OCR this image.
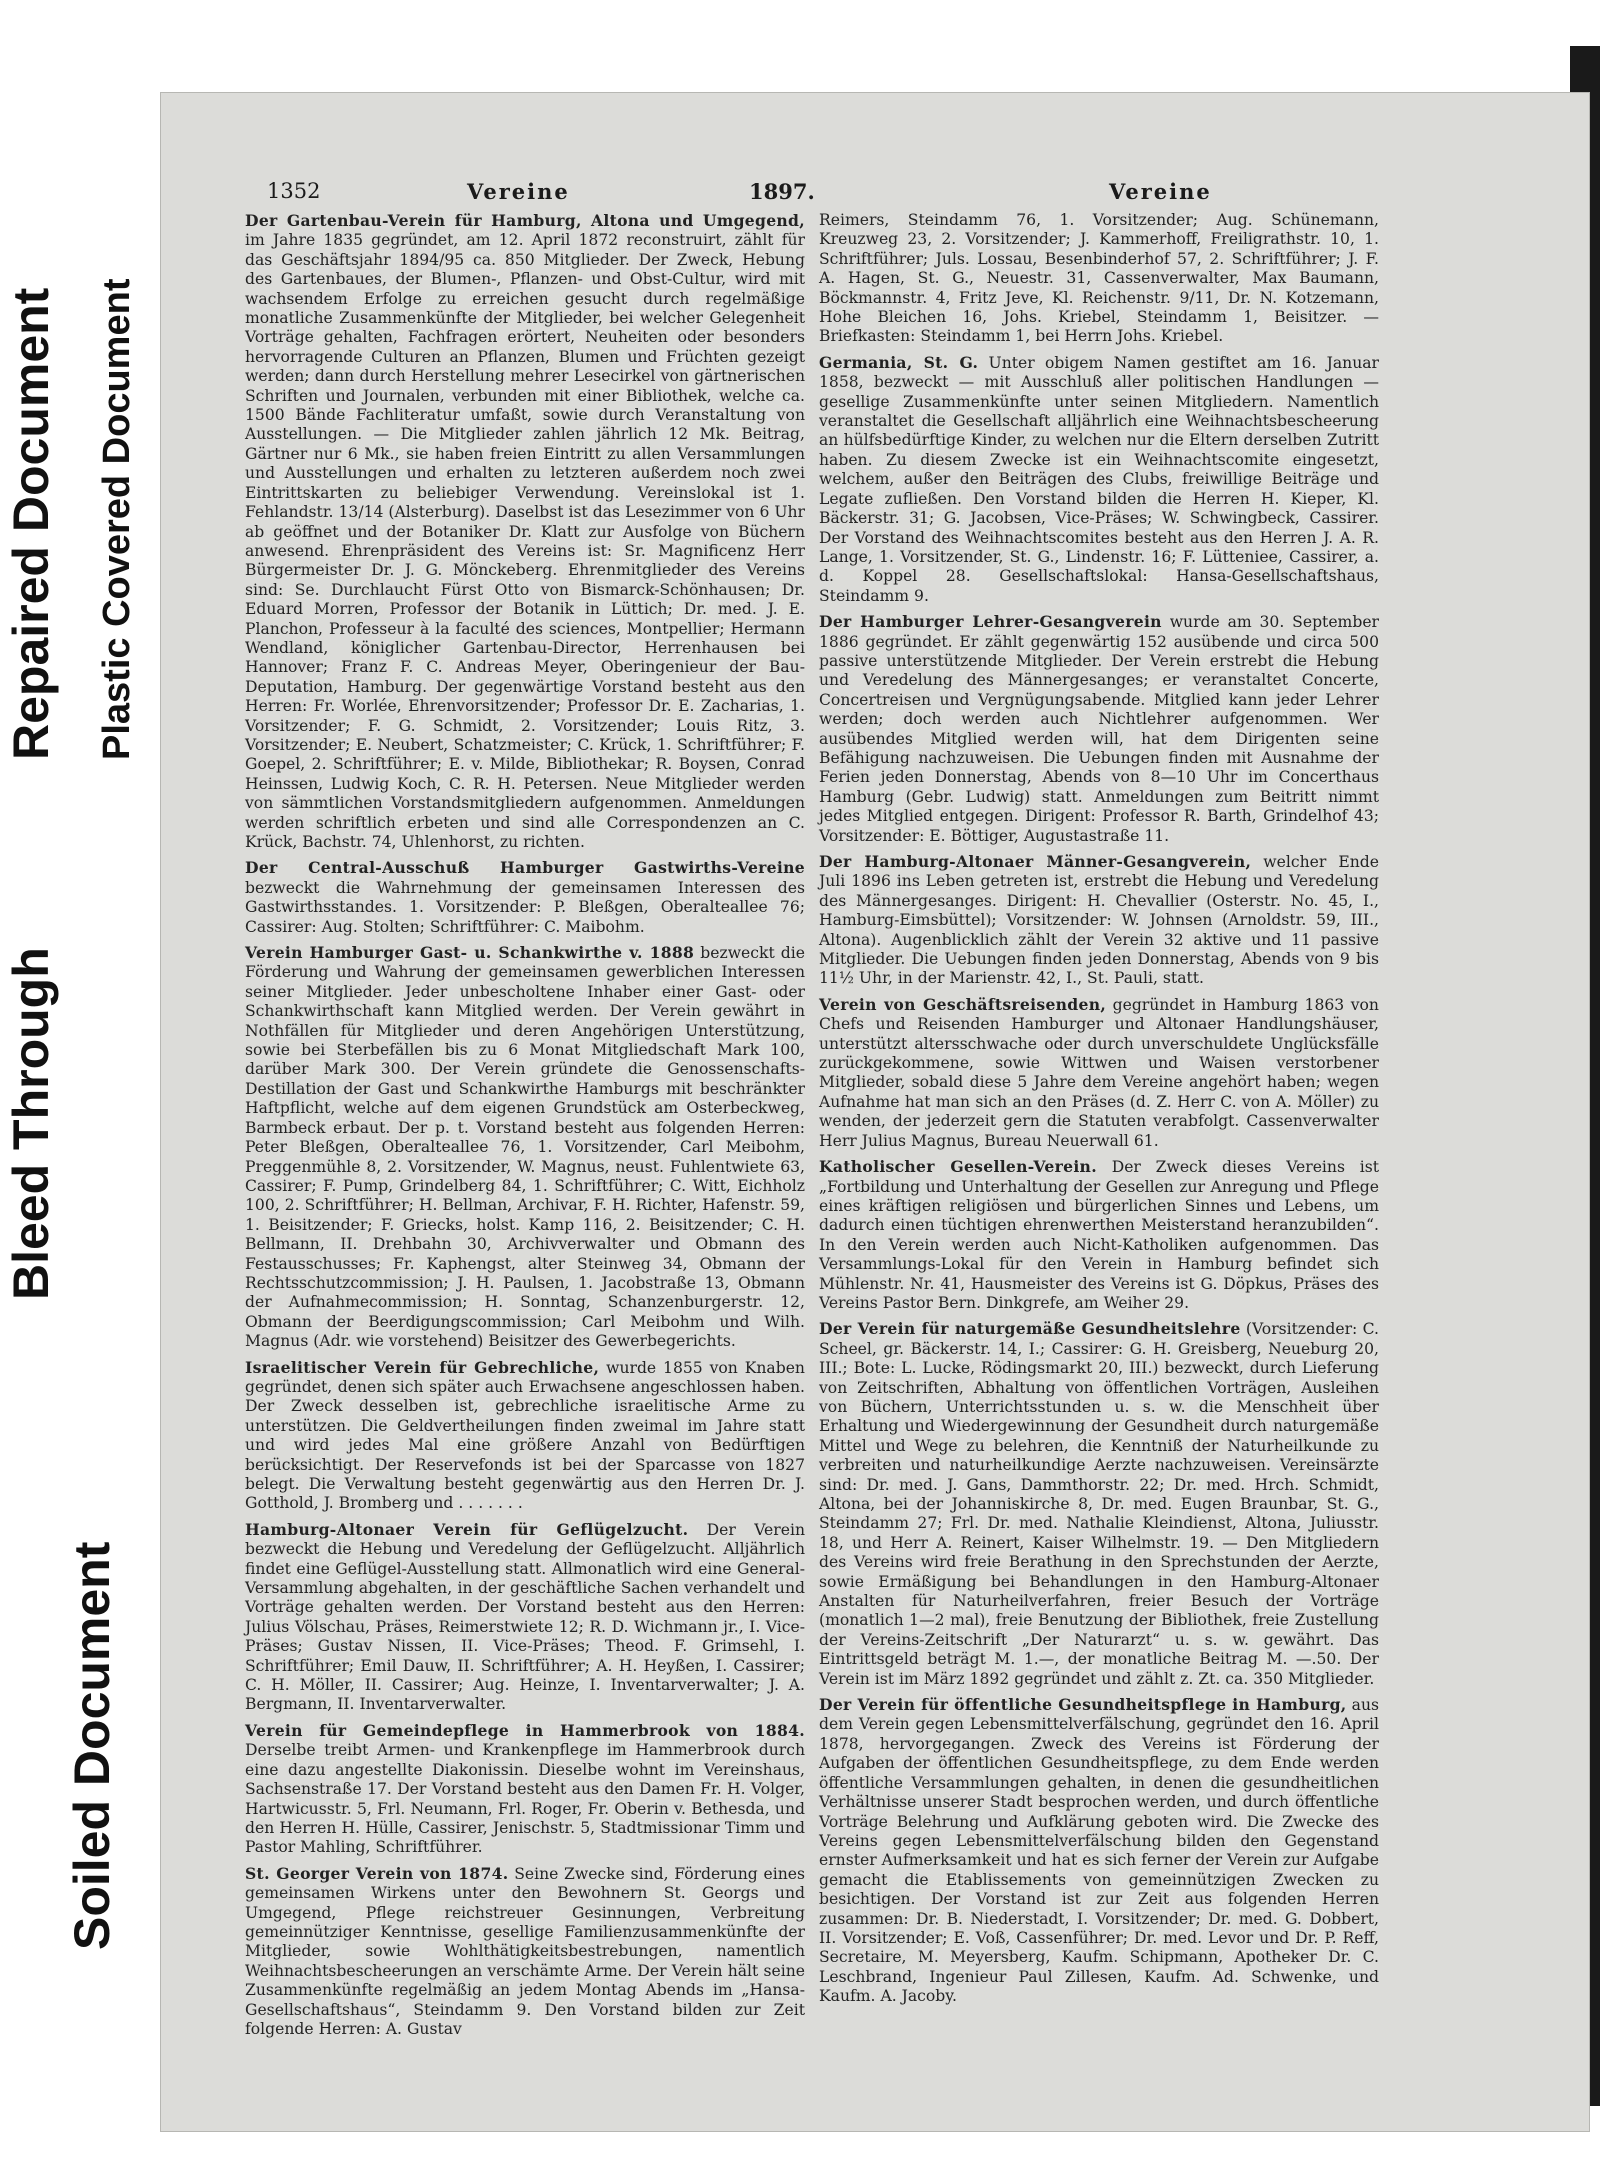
Repaired Document Plastic Covered Document
Bleed Through
Soiled Document
1352	Vereine	1897.	Vereine

Der Gartenbau-Verein für Hamburg, Altona und Umgegend, im Jahre 1835 gegründet, am 12. April 1872 reconstruirt, zählt für das Geschäftsjahr 1894/95 ca. 850 Mitglieder. Der Zweck, Hebung des Gartenbaues, der Blumen-, Pflanzen- und Obst-Cultur, wird mit wachsendem Erfolge zu erreichen gesucht durch regelmäßige monatliche Zusammenkünfte der Mitglieder, bei welcher Gelegenheit Vorträge gehalten, Fachfragen erörtert, Neuheiten oder besonders hervorragende Culturen an Pflanzen, Blumen und Früchten gezeigt werden; dann durch Herstellung mehrer Lesecirkel von gärtnerischen Schriften und Journalen, verbunden mit einer Bibliothek, welche ca. 1500 Bände Fachliteratur umfaßt, sowie durch Veranstaltung von Ausstellungen. — Die Mitglieder zahlen jährlich 12 Mk. Beitrag, Gärtner nur 6 Mk., sie haben freien Eintritt zu allen Versammlungen und Ausstellungen und erhalten zu letzteren außerdem noch zwei Eintrittskarten zu beliebiger Verwendung. Vereinslokal ist 1. Fehlandstr. 13/14 (Alsterburg). Daselbst ist das Lesezimmer von 6 Uhr ab geöffnet und der Botaniker Dr. Klatt zur Ausfolge von Büchern anwesend. Ehrenpräsident des Vereins ist: Sr. Magnificenz Herr Bürgermeister Dr. J. G. Mönckeberg. Ehrenmitglieder des Vereins sind: Se. Durchlaucht Fürst Otto von Bismarck-Schönhausen; Dr. Eduard Morren, Professor der Botanik in Lüttich; Dr. med. J. E. Planchon, Professeur à la faculté des sciences, Montpellier; Hermann Wendland, königlicher Gartenbau-Director, Herrenhausen bei Hannover; Franz F. C. Andreas Meyer, Oberingenieur der Bau-Deputation, Hamburg. Der gegenwärtige Vorstand besteht aus den Herren: Fr. Worlée, Ehrenvorsitzender; Professor Dr. E. Zacharias, 1. Vorsitzender; F. G. Schmidt, 2. Vorsitzender; Louis Ritz, 3. Vorsitzender; E. Neubert, Schatzmeister; C. Krück, 1. Schriftführer; F. Goepel, 2. Schriftführer; E. v. Milde, Bibliothekar; R. Boysen, Conrad Heinssen, Ludwig Koch, C. R. H. Petersen. Neue Mitglieder werden von sämmtlichen Vorstandsmitgliedern aufgenommen. Anmeldungen werden schriftlich erbeten und sind alle Correspondenzen an C. Krück, Bachstr. 74, Uhlenhorst, zu richten.

Der Central-Ausschuß Hamburger Gastwirths-Vereine bezweckt die Wahrnehmung der gemeinsamen Interessen des Gastwirthsstandes. 1. Vorsitzender: P. Bleßgen, Oberalteallee 76; Cassirer: Aug. Stolten; Schriftführer: C. Maibohm.

Verein Hamburger Gast- u. Schankwirthe v. 1888 bezweckt die Förderung und Wahrung der gemeinsamen gewerblichen Interessen seiner Mitglieder. Jeder unbescholtene Inhaber einer Gast- oder Schankwirthschaft kann Mitglied werden. Der Verein gewährt in Nothfällen für Mitglieder und deren Angehörigen Unterstützung, sowie bei Sterbefällen bis zu 6 Monat Mitgliedschaft Mark 100, darüber Mark 300. Der Verein gründete die Genossenschafts-Destillation der Gast und Schankwirthe Hamburgs mit beschränkter Haftpflicht, welche auf dem eigenen Grundstück am Osterbeckweg, Barmbeck erbaut. Der p. t. Vorstand besteht aus folgenden Herren: Peter Bleßgen, Oberalteallee 76, 1. Vorsitzender, Carl Meibohm, Preggenmühle 8, 2. Vorsitzender, W. Magnus, neust. Fuhlentwiete 63, Cassirer; F. Pump, Grindelberg 84, 1. Schriftführer; C. Witt, Eichholz 100, 2. Schriftführer; H. Bellman, Archivar, F. H. Richter, Hafenstr. 59, 1. Beisitzender; F. Griecks, holst. Kamp 116, 2. Beisitzender; C. H. Bellmann, II. Drehbahn 30, Archivverwalter und Obmann des Festausschusses; Fr. Kaphengst, alter Steinweg 34, Obmann der Rechtsschutzcommission; J. H. Paulsen, 1. Jacobstraße 13, Obmann der Aufnahmecommission; H. Sonntag, Schanzenburgerstr. 12, Obmann der Beerdigungscommission; Carl Meibohm und Wilh. Magnus (Adr. wie vorstehend) Beisitzer des Gewerbegerichts.

Israelitischer Verein für Gebrechliche, wurde 1855 von Knaben gegründet, denen sich später auch Erwachsene angeschlossen haben. Der Zweck desselben ist, gebrechliche israelitische Arme zu unterstützen. Die Geldvertheilungen finden zweimal im Jahre statt und wird jedes Mal eine größere Anzahl von Bedürftigen berücksichtigt. Der Reservefonds ist bei der Sparcasse von 1827 belegt. Die Verwaltung besteht gegenwärtig aus den Herren Dr. J. Gotthold, J. Bromberg und . . . . . . .

Hamburg-Altonaer Verein für Geflügelzucht. Der Verein bezweckt die Hebung und Veredelung der Geflügelzucht. Alljährlich findet eine Geflügel-Ausstellung statt. Allmonatlich wird eine General-Versammlung abgehalten, in der geschäftliche Sachen verhandelt und Vorträge gehalten werden. Der Vorstand besteht aus den Herren: Julius Völschau, Präses, Reimerstwiete 12; R. D. Wichmann jr., I. Vice-Präses; Gustav Nissen, II. Vice-Präses; Theod. F. Grimsehl, I. Schriftführer; Emil Dauw, II. Schriftführer; A. H. Heyßen, I. Cassirer; C. H. Möller, II. Cassirer; Aug. Heinze, I. Inventarverwalter; J. A. Bergmann, II. Inventarverwalter.

Verein für Gemeindepflege in Hammerbrook von 1884. Derselbe treibt Armen- und Krankenpflege im Hammerbrook durch eine dazu angestellte Diakonissin. Dieselbe wohnt im Vereinshaus, Sachsenstraße 17. Der Vorstand besteht aus den Damen Fr. H. Volger, Hartwicusstr. 5, Frl. Neumann, Frl. Roger, Fr. Oberin v. Bethesda, und den Herren H. Hülle, Cassirer, Jenischstr. 5, Stadtmissionar Timm und Pastor Mahling, Schriftführer.

St. Georger Verein von 1874. Seine Zwecke sind, Förderung eines gemeinsamen Wirkens unter den Bewohnern St. Georgs und Umgegend, Pflege reichstreuer Gesinnungen, Verbreitung gemeinnütziger Kenntnisse, gesellige Familienzusammenkünfte der Mitglieder, sowie Wohlthätigkeitsbestrebungen, namentlich Weihnachtsbescheerungen an verschämte Arme. Der Verein hält seine Zusammenkünfte regelmäßig an jedem Montag Abends im „Hansa-Gesellschaftshaus“, Steindamm 9. Den Vorstand bilden zur Zeit folgende Herren: A. Gustav

Reimers, Steindamm 76, 1. Vorsitzender; Aug. Schünemann, Kreuzweg 23, 2. Vorsitzender; J. Kammerhoff, Freiligrathstr. 10, 1. Schriftführer; Juls. Lossau, Besenbinderhof 57, 2. Schriftführer; J. F. A. Hagen, St. G., Neuestr. 31, Cassenverwalter, Max Baumann, Böckmannstr. 4, Fritz Jeve, Kl. Reichenstr. 9/11, Dr. N. Kotzemann, Hohe Bleichen 16, Johs. Kriebel, Steindamm 1, Beisitzer. — Briefkasten: Steindamm 1, bei Herrn Johs. Kriebel.

Germania, St. G. Unter obigem Namen gestiftet am 16. Januar 1858, bezweckt — mit Ausschluß aller politischen Handlungen — gesellige Zusammenkünfte unter seinen Mitgliedern. Namentlich veranstaltet die Gesellschaft alljährlich eine Weihnachtsbescheerung an hülfsbedürftige Kinder, zu welchen nur die Eltern derselben Zutritt haben. Zu diesem Zwecke ist ein Weihnachtscomite eingesetzt, welchem, außer den Beiträgen des Clubs, freiwillige Beiträge und Legate zufließen. Den Vorstand bilden die Herren H. Kieper, Kl. Bäckerstr. 31; G. Jacobsen, Vice-Präses; W. Schwingbeck, Cassirer. Der Vorstand des Weihnachtscomites besteht aus den Herren J. A. R. Lange, 1. Vorsitzender, St. G., Lindenstr. 16; F. Lütteniee, Cassirer, a. d. Koppel 28. Gesellschaftslokal: Hansa-Gesellschaftshaus, Steindamm 9.

Der Hamburger Lehrer-Gesangverein wurde am 30. September 1886 gegründet. Er zählt gegenwärtig 152 ausübende und circa 500 passive unterstützende Mitglieder. Der Verein erstrebt die Hebung und Veredelung des Männergesanges; er veranstaltet Concerte, Concertreisen und Vergnügungsabende. Mitglied kann jeder Lehrer werden; doch werden auch Nichtlehrer aufgenommen. Wer ausübendes Mitglied werden will, hat dem Dirigenten seine Befähigung nachzuweisen. Die Uebungen finden mit Ausnahme der Ferien jeden Donnerstag, Abends von 8—10 Uhr im Concerthaus Hamburg (Gebr. Ludwig) statt. Anmeldungen zum Beitritt nimmt jedes Mitglied entgegen. Dirigent: Professor R. Barth, Grindelhof 43; Vorsitzender: E. Böttiger, Augustastraße 11.

Der Hamburg-Altonaer Männer-Gesangverein, welcher Ende Juli 1896 ins Leben getreten ist, erstrebt die Hebung und Veredelung des Männergesanges. Dirigent: H. Chevallier (Osterstr. No. 45, I., Hamburg-Eimsbüttel); Vorsitzender: W. Johnsen (Arnoldstr. 59, III., Altona). Augenblicklich zählt der Verein 32 aktive und 11 passive Mitglieder. Die Uebungen finden jeden Donnerstag, Abends von 9 bis 11½ Uhr, in der Marienstr. 42, I., St. Pauli, statt.

Verein von Geschäftsreisenden, gegründet in Hamburg 1863 von Chefs und Reisenden Hamburger und Altonaer Handlungshäuser, unterstützt altersschwache oder durch unverschuldete Unglücksfälle zurückgekommene, sowie Wittwen und Waisen verstorbener Mitglieder, sobald diese 5 Jahre dem Vereine angehört haben; wegen Aufnahme hat man sich an den Präses (d. Z. Herr C. von A. Möller) zu wenden, der jederzeit gern die Statuten verabfolgt. Cassenverwalter Herr Julius Magnus, Bureau Neuerwall 61.

Katholischer Gesellen-Verein. Der Zweck dieses Vereins ist „Fortbildung und Unterhaltung der Gesellen zur Anregung und Pflege eines kräftigen religiösen und bürgerlichen Sinnes und Lebens, um dadurch einen tüchtigen ehrenwerthen Meisterstand heranzubilden“. In den Verein werden auch Nicht-Katholiken aufgenommen. Das Versammlungs-Lokal für den Verein in Hamburg befindet sich Mühlenstr. Nr. 41, Hausmeister des Vereins ist G. Döpkus, Präses des Vereins Pastor Bern. Dinkgrefe, am Weiher 29.

Der Verein für naturgemäße Gesundheitslehre (Vorsitzender: C. Scheel, gr. Bäckerstr. 14, I.; Cassirer: G. H. Greisberg, Neueburg 20, III.; Bote: L. Lucke, Rödingsmarkt 20, III.) bezweckt, durch Lieferung von Zeitschriften, Abhaltung von öffentlichen Vorträgen, Ausleihen von Büchern, Unterrichtsstunden u. s. w. die Menschheit über Erhaltung und Wiedergewinnung der Gesundheit durch naturgemäße Mittel und Wege zu belehren, die Kenntniß der Naturheilkunde zu verbreiten und naturheilkundige Aerzte nachzuweisen. Vereinsärzte sind: Dr. med. J. Gans, Dammthorstr. 22; Dr. med. Hrch. Schmidt, Altona, bei der Johanniskirche 8, Dr. med. Eugen Braunbar, St. G., Steindamm 27; Frl. Dr. med. Nathalie Kleindienst, Altona, Juliusstr. 18, und Herr A. Reinert, Kaiser Wilhelmstr. 19. — Den Mitgliedern des Vereins wird freie Berathung in den Sprechstunden der Aerzte, sowie Ermäßigung bei Behandlungen in den Hamburg-Altonaer Anstalten für Naturheilverfahren, freier Besuch der Vorträge (monatlich 1—2 mal), freie Benutzung der Bibliothek, freie Zustellung der Vereins-Zeitschrift „Der Naturarzt“ u. s. w. gewährt. Das Eintrittsgeld beträgt M. 1.—, der monatliche Beitrag M. —.50. Der Verein ist im März 1892 gegründet und zählt z. Zt. ca. 350 Mitglieder.

Der Verein für öffentliche Gesundheitspflege in Hamburg, aus dem Verein gegen Lebensmittelverfälschung, gegründet den 16. April 1878, hervorgegangen. Zweck des Vereins ist Förderung der Aufgaben der öffentlichen Gesundheitspflege, zu dem Ende werden öffentliche Versammlungen gehalten, in denen die gesundheitlichen Verhältnisse unserer Stadt besprochen werden, und durch öffentliche Vorträge Belehrung und Aufklärung geboten wird. Die Zwecke des Vereins gegen Lebensmittelverfälschung bilden den Gegenstand ernster Aufmerksamkeit und hat es sich ferner der Verein zur Aufgabe gemacht die Etablissements von gemeinnützigen Zwecken zu besichtigen. Der Vorstand ist zur Zeit aus folgenden Herren zusammen: Dr. B. Niederstadt, I. Vorsitzender; Dr. med. G. Dobbert, II. Vorsitzender; E. Voß, Cassenführer; Dr. med. Levor und Dr. P. Reff, Secretaire, M. Meyersberg, Kaufm. Schipmann, Apotheker Dr. C. Leschbrand, Ingenieur Paul Zillesen, Kaufm. Ad. Schwenke, und Kaufm. A. Jacoby.
